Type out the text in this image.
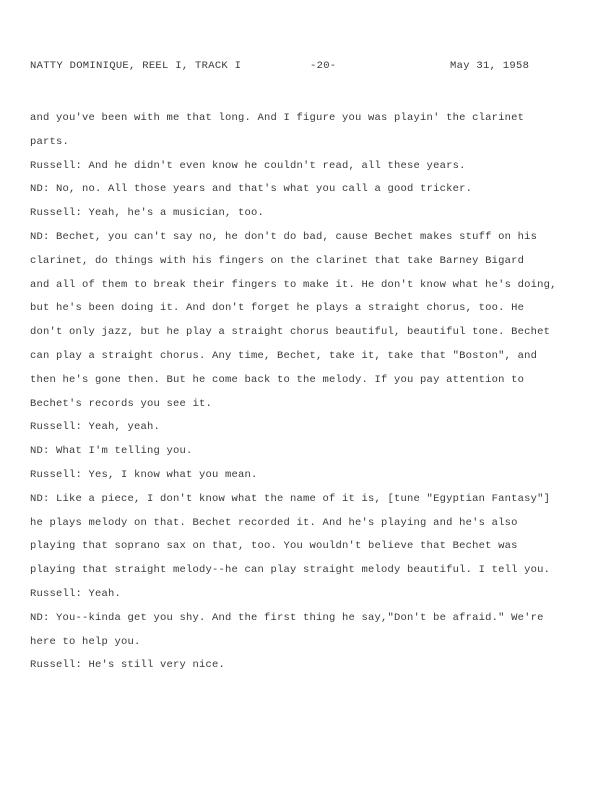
NATTY DOMINIQUE, REEL I, TRACK I	-20-	May 31, 1958
and you've been with me that long. And I figure you was playin' the clarinet
parts.
Russell: And he didn't even know he couldn't read, all these years.
ND: No, no. All those years and that's what you call a good tricker.
Russell: Yeah, he's a musician, too.
ND: Bechet, you can't say no, he don't do bad, cause Bechet makes stuff on his
clarinet, do things with his fingers on the clarinet that take Barney Bigard
and all of them to break their fingers to make it. He don't know what he's doing,
but he's been doing it. And don't forget he plays a straight chorus, too. He
don't only jazz, but he play a straight chorus beautiful, beautiful tone. Bechet
can play a straight chorus. Any time, Bechet, take it, take that "Boston", and
then he's gone then. But he come back to the melody. If you pay attention to
Bechet's records you see it.
Russell: Yeah, yeah.
ND: What I'm telling you.
Russell: Yes, I know what you mean.
ND: Like a piece, I don't know what the name of it is, [tune "Egyptian Fantasy"]
he plays melody on that. Bechet recorded it. And he's playing and he's also
playing that soprano sax on that, too. You wouldn't believe that Bechet was
playing that straight melody--he can play straight melody beautiful. I tell you.
Russell: Yeah.
ND: You--kinda get you shy. And the first thing he say,"Don't be afraid." We're
here to help you.
Russell: He's still very nice.
